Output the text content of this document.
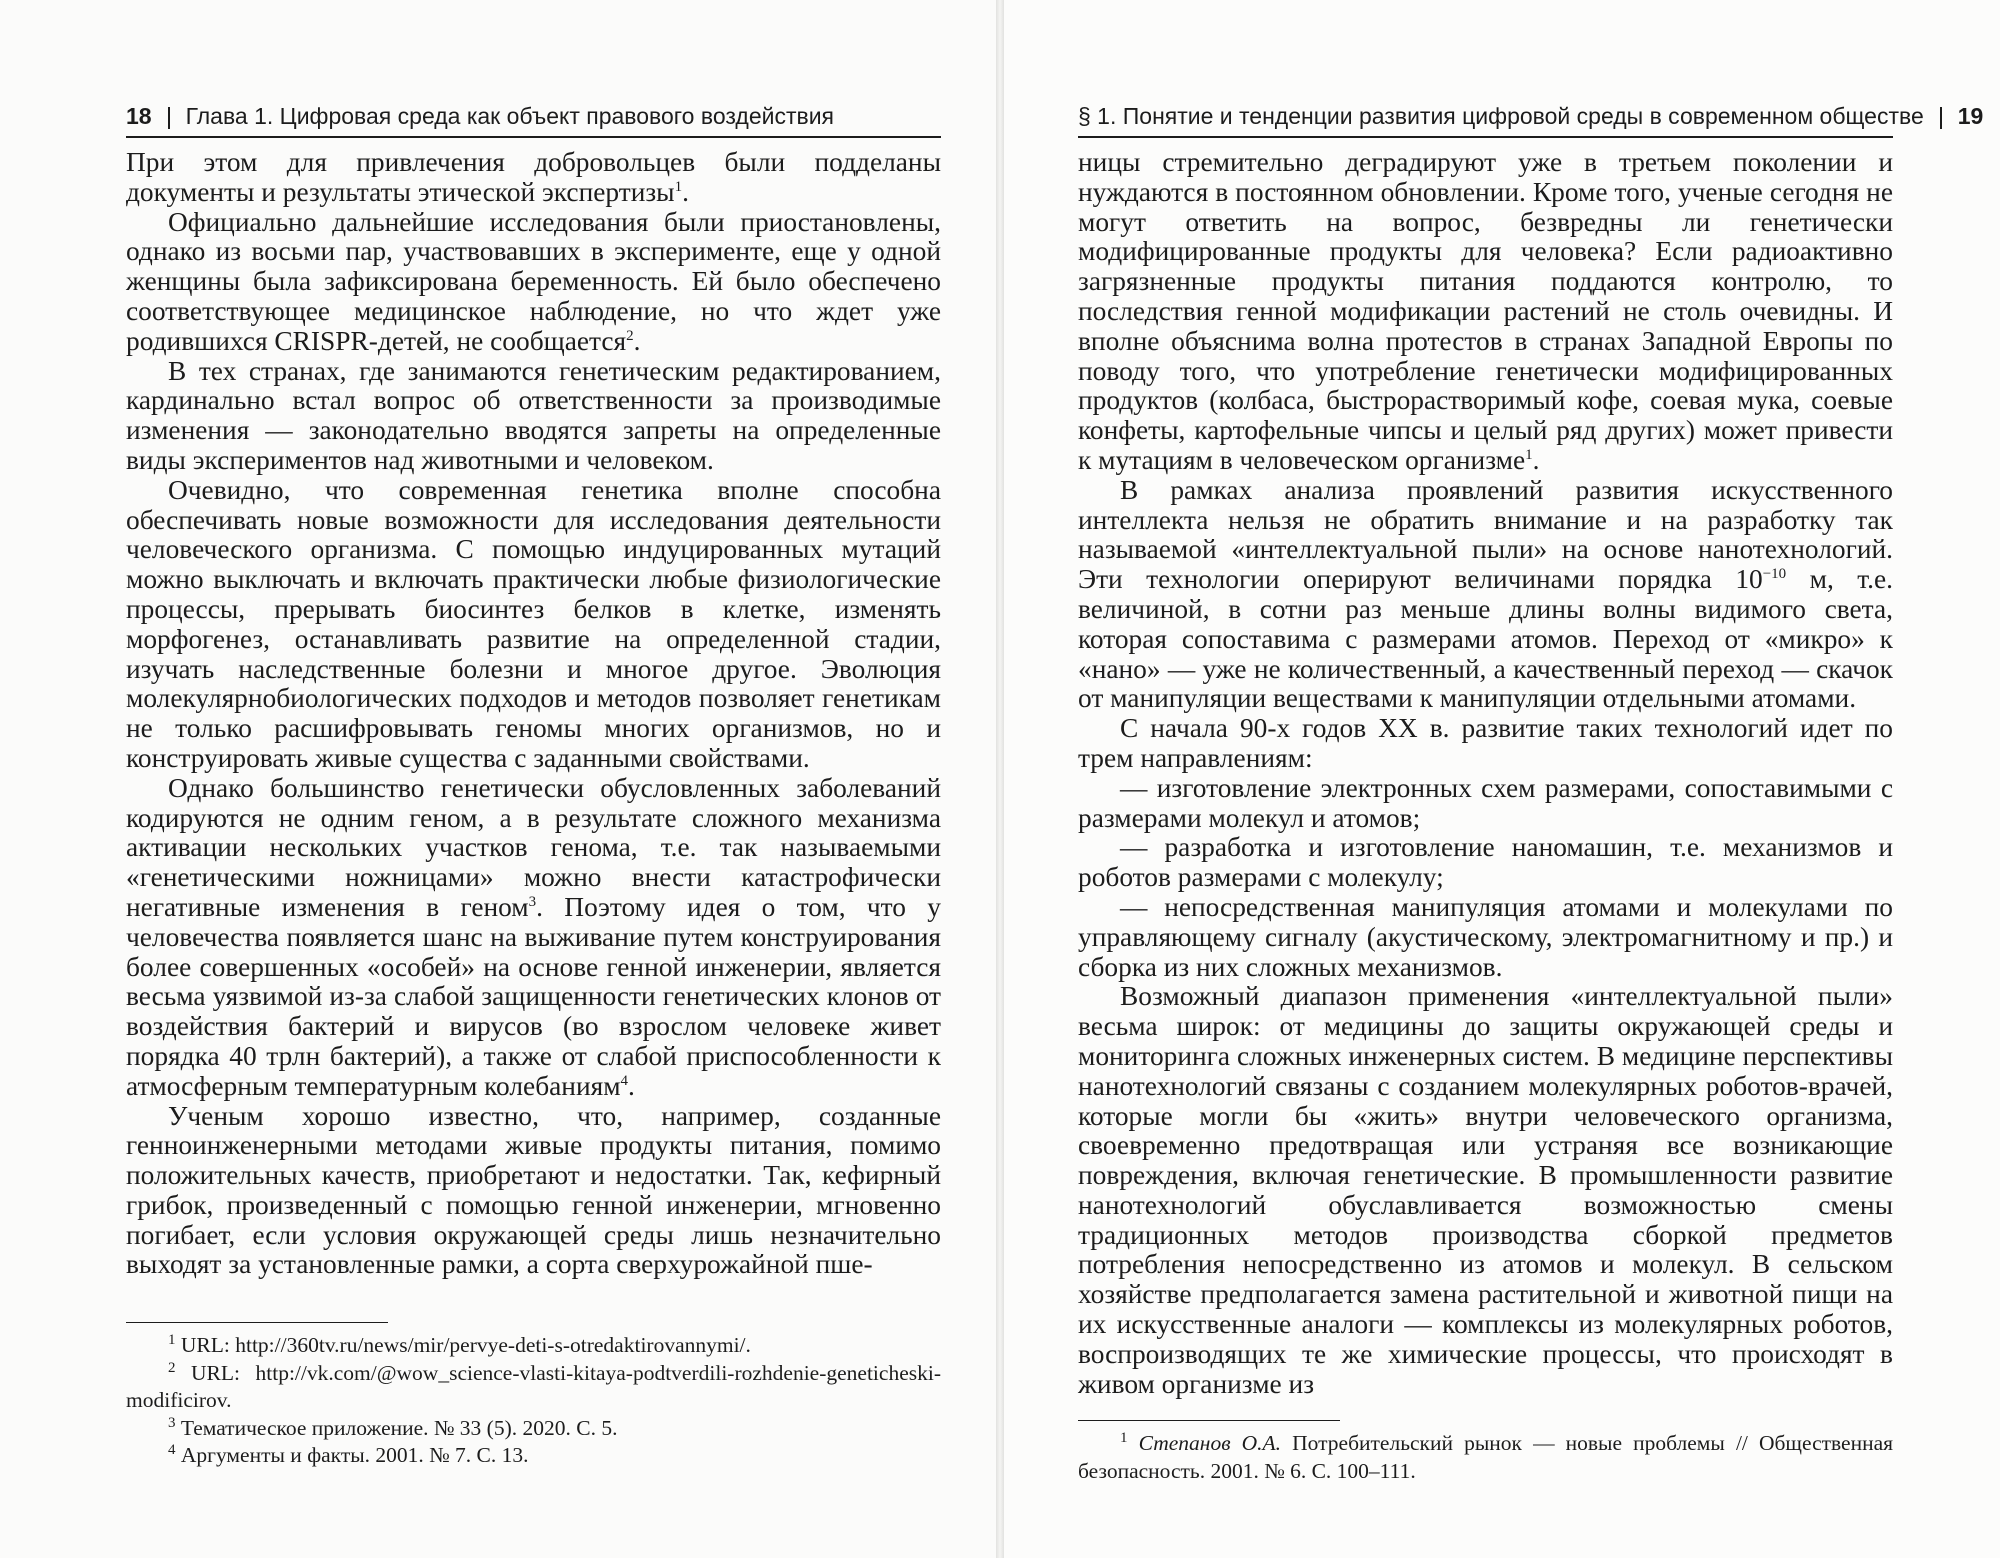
18 Глава 1. Цифровая среда как объект правового воздействия

При этом для привлечения добровольцев были подделаны документы и результаты этической экспертизы$^1$.

Официально дальнейшие исследования были приостановлены, однако из восьми пар, участвовавших в эксперименте, еще у одной женщины была зафиксирована беременность. Ей было обеспечено соответствующее медицинское наблюдение, но что ждет уже родившихся CRISPR-детей, не сообщается$^2$.

В тех странах, где занимаются генетическим редактированием, кардинально встал вопрос об ответственности за производимые изменения — законодательно вводятся запреты на определенные виды экспериментов над животными и человеком.

Очевидно, что современная генетика вполне способна обеспечивать новые возможности для исследования деятельности человеческого организма. С помощью индуцированных мутаций можно выключать и включать практически любые физиологические процессы, прерывать биосинтез белков в клетке, изменять морфогенез, останавливать развитие на определенной стадии, изучать наследственные болезни и многое другое. Эволюция молекулярнобиологических подходов и методов позволяет генетикам не только расшифровывать геномы многих организмов, но и конструировать живые существа с заданными свойствами.

Однако большинство генетически обусловленных заболеваний кодируются не одним геном, а в результате сложного механизма активации нескольких участков генома, т.е. так называемыми «генетическими ножницами» можно внести катастрофически негативные изменения в геном$^3$. Поэтому идея о том, что у человечества появляется шанс на выживание путем конструирования более совершенных «особей» на основе генной инженерии, является весьма уязвимой из-за слабой защищенности генетических клонов от воздействия бактерий и вирусов (во взрослом человеке живет порядка 40 трлн бактерий), а также от слабой приспособленности к атмосферным температурным колебаниям$^4$.

Ученым хорошо известно, что, например, созданные генноинженерными методами живые продукты питания, помимо положительных качеств, приобретают и недостатки. Так, кефирный грибок, произведенный с помощью генной инженерии, мгновенно погибает, если условия окружающей среды лишь незначительно выходят за установленные рамки, а сорта сверхурожайной пше-

$^1$ URL: http://360tv.ru/news/mir/pervye-deti-s-otredaktirovannymi/.

$^2$ URL: http://vk.com/@wow_science-vlasti-kitaya-podtverdili-rozhdenie-geneticheski-modificirov.

$^3$ Тематическое приложение. № 33 (5). 2020. С. 5.

$^4$ Аргументы и факты. 2001. № 7. С. 13.

§ 1. Понятие и тенденции развития цифровой среды в современном обществе 19

ницы стремительно деградируют уже в третьем поколении и нуждаются в постоянном обновлении. Кроме того, ученые сегодня не могут ответить на вопрос, безвредны ли генетически модифицированные продукты для человека? Если радиоактивно загрязненные продукты питания поддаются контролю, то последствия генной модификации растений не столь очевидны. И вполне объяснима волна протестов в странах Западной Европы по поводу того, что употребление генетически модифицированных продуктов (колбаса, быстрорастворимый кофе, соевая мука, соевые конфеты, картофельные чипсы и целый ряд других) может привести к мутациям в человеческом организме$^1$.

В рамках анализа проявлений развития искусственного интеллекта нельзя не обратить внимание и на разработку так называемой «интеллектуальной пыли» на основе нанотехнологий. Эти технологии оперируют величинами порядка $10^{-10}$ м, т.е. величиной, в сотни раз меньше длины волны видимого света, которая сопоставима с размерами атомов. Переход от «микро» к «нано» — уже не количественный, а качественный переход — скачок от манипуляции веществами к манипуляции отдельными атомами.

С начала 90-х годов XX в. развитие таких технологий идет по трем направлениям:

— изготовление электронных схем размерами, сопоставимыми с размерами молекул и атомов;

— разработка и изготовление наномашин, т.е. механизмов и роботов размерами с молекулу;

— непосредственная манипуляция атомами и молекулами по управляющему сигналу (акустическому, электромагнитному и пр.) и сборка из них сложных механизмов.

Возможный диапазон применения «интеллектуальной пыли» весьма широк: от медицины до защиты окружающей среды и мониторинга сложных инженерных систем. В медицине перспективы нанотехнологий связаны с созданием молекулярных роботов-врачей, которые могли бы «жить» внутри человеческого организма, своевременно предотвращая или устраняя все возникающие повреждения, включая генетические. В промышленности развитие нанотехнологий обуславливается возможностью смены традиционных методов производства сборкой предметов потребления непосредственно из атомов и молекул. В сельском хозяйстве предполагается замена растительной и животной пищи на их искусственные аналоги — комплексы из молекулярных роботов, воспроизводящих те же химические процессы, что происходят в живом организме из

$^1$ Степанов О.А. Потребительский рынок — новые проблемы // Общественная безопасность. 2001. № 6. С. 100–111.
